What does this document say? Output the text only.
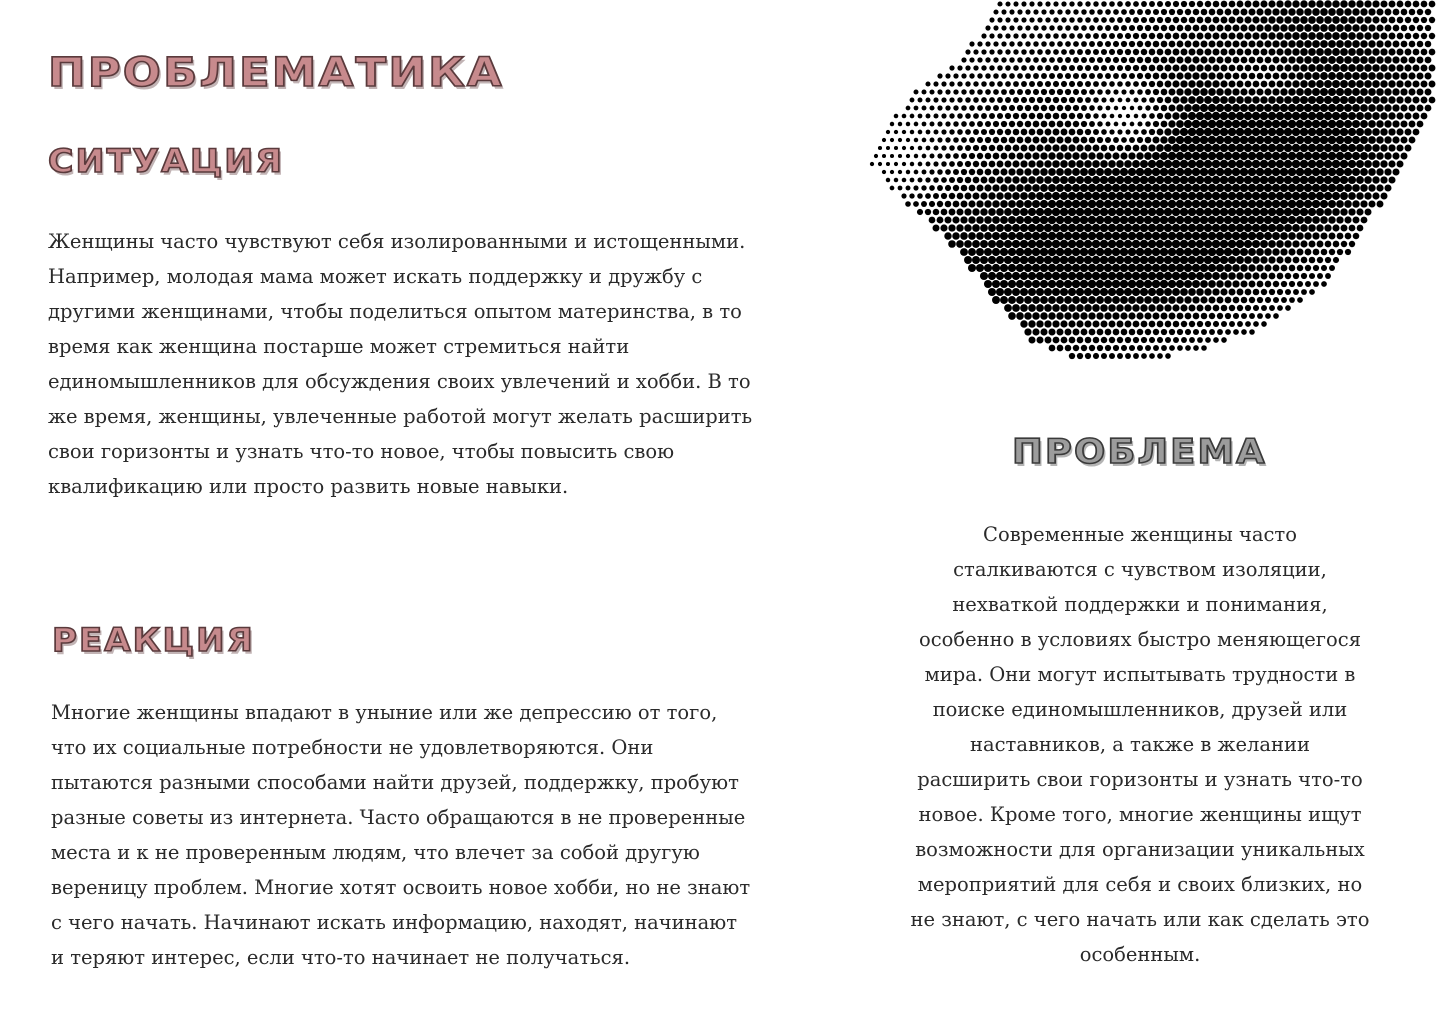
ПРОБЛЕМАТИКА
СИТУАЦИЯ
Женщины часто чувствуют себя изолированными и истощенными.
Например, молодая мама может искать поддержку и дружбу с
другими женщинами, чтобы поделиться опытом материнства, в то
время как женщина постарше может стремиться найти
единомышленников для обсуждения своих увлечений и хобби. В то
же время, женщины, увлеченные работой могут желать расширить
свои горизонты и узнать что-то новое, чтобы повысить свою
квалификацию или просто развить новые навыки.
РЕАКЦИЯ
Многие женщины впадают в уныние или же депрессию от того,
что их социальные потребности не удовлетворяются. Они
пытаются разными способами найти друзей, поддержку, пробуют
разные советы из интернета. Часто обращаются в не проверенные
места и к не проверенным людям, что влечет за собой другую
вереницу проблем. Многие хотят освоить новое хобби, но не знают
с чего начать. Начинают искать информацию, находят, начинают
и теряют интерес, если что-то начинает не получаться.
ПРОБЛЕМА
Современные женщины часто
сталкиваются с чувством изоляции,
нехваткой поддержки и понимания,
особенно в условиях быстро меняющегося
мира. Они могут испытывать трудности в
поиске единомышленников, друзей или
наставников, а также в желании
расширить свои горизонты и узнать что-то
новое. Кроме того, многие женщины ищут
возможности для организации уникальных
мероприятий для себя и своих близких, но
не знают, с чего начать или как сделать это
особенным.
